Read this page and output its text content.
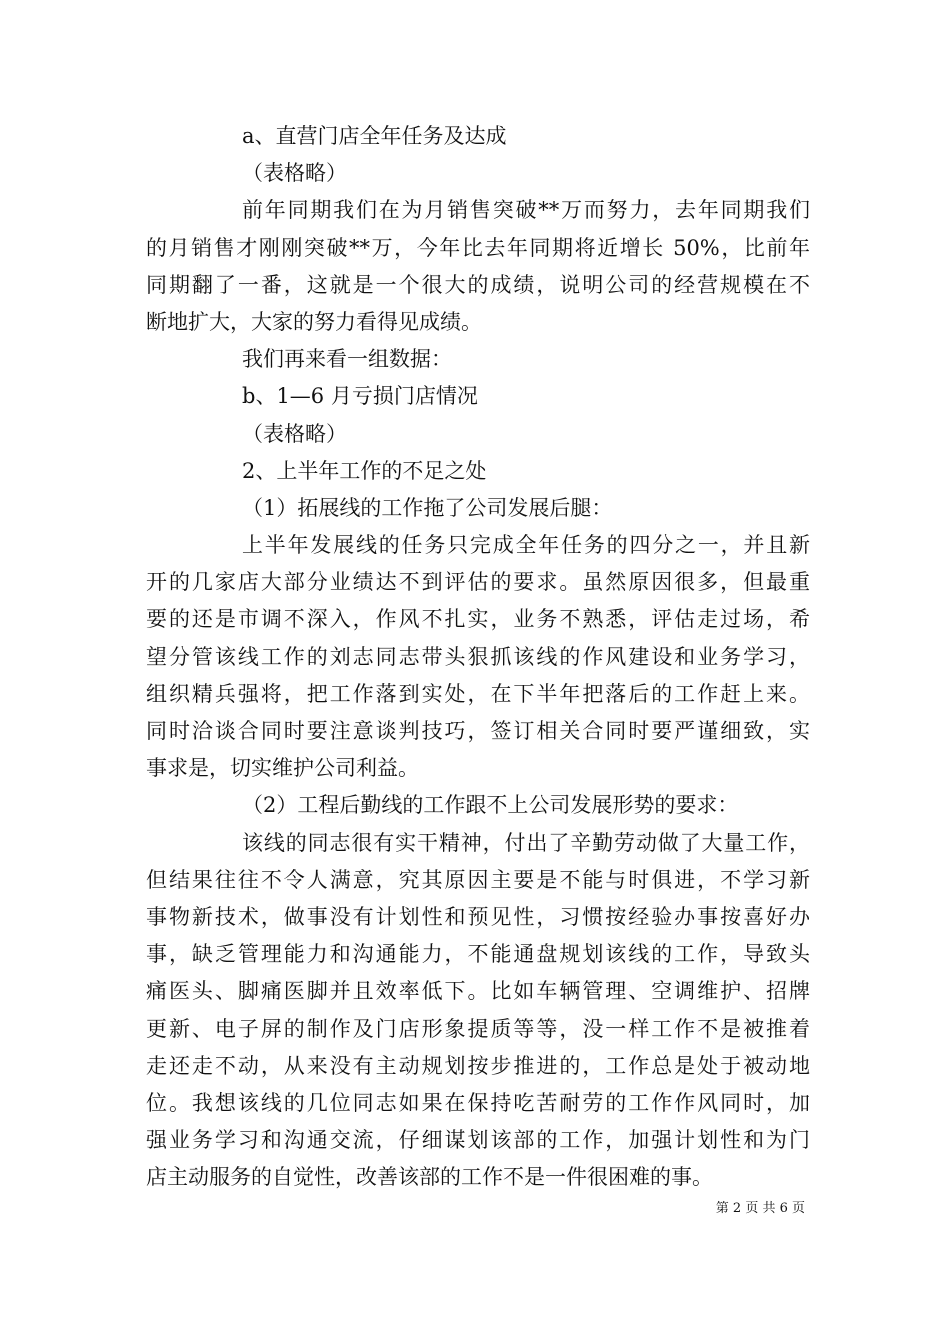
a、直营门店全年任务及达成
（表格略）
前年同期我们在为月销售突破**万而努力，去年同期我们
的月销售才刚刚突破**万，今年比去年同期将近增长 50%，比前年
同期翻了一番，这就是一个很大的成绩，说明公司的经营规模在不
断地扩大，大家的努力看得见成绩。
我们再来看一组数据：
b、1—6 月亏损门店情况
（表格略）
2、上半年工作的不足之处
（1）拓展线的工作拖了公司发展后腿：
上半年发展线的任务只完成全年任务的四分之一，并且新
开的几家店大部分业绩达不到评估的要求。虽然原因很多，但最重
要的还是市调不深入，作风不扎实，业务不熟悉，评估走过场，希
望分管该线工作的刘志同志带头狠抓该线的作风建设和业务学习，
组织精兵强将，把工作落到实处，在下半年把落后的工作赶上来。
同时洽谈合同时要注意谈判技巧，签订相关合同时要严谨细致，实
事求是，切实维护公司利益。
（2）工程后勤线的工作跟不上公司发展形势的要求：
该线的同志很有实干精神，付出了辛勤劳动做了大量工作，
但结果往往不令人满意，究其原因主要是不能与时俱进，不学习新
事物新技术，做事没有计划性和预见性，习惯按经验办事按喜好办
事，缺乏管理能力和沟通能力，不能通盘规划该线的工作，导致头
痛医头、脚痛医脚并且效率低下。比如车辆管理、空调维护、招牌
更新、电子屏的制作及门店形象提质等等，没一样工作不是被推着
走还走不动，从来没有主动规划按步推进的，工作总是处于被动地
位。我想该线的几位同志如果在保持吃苦耐劳的工作作风同时，加
强业务学习和沟通交流，仔细谋划该部的工作，加强计划性和为门
店主动服务的自觉性，改善该部的工作不是一件很困难的事。
第 2 页 共 6 页
